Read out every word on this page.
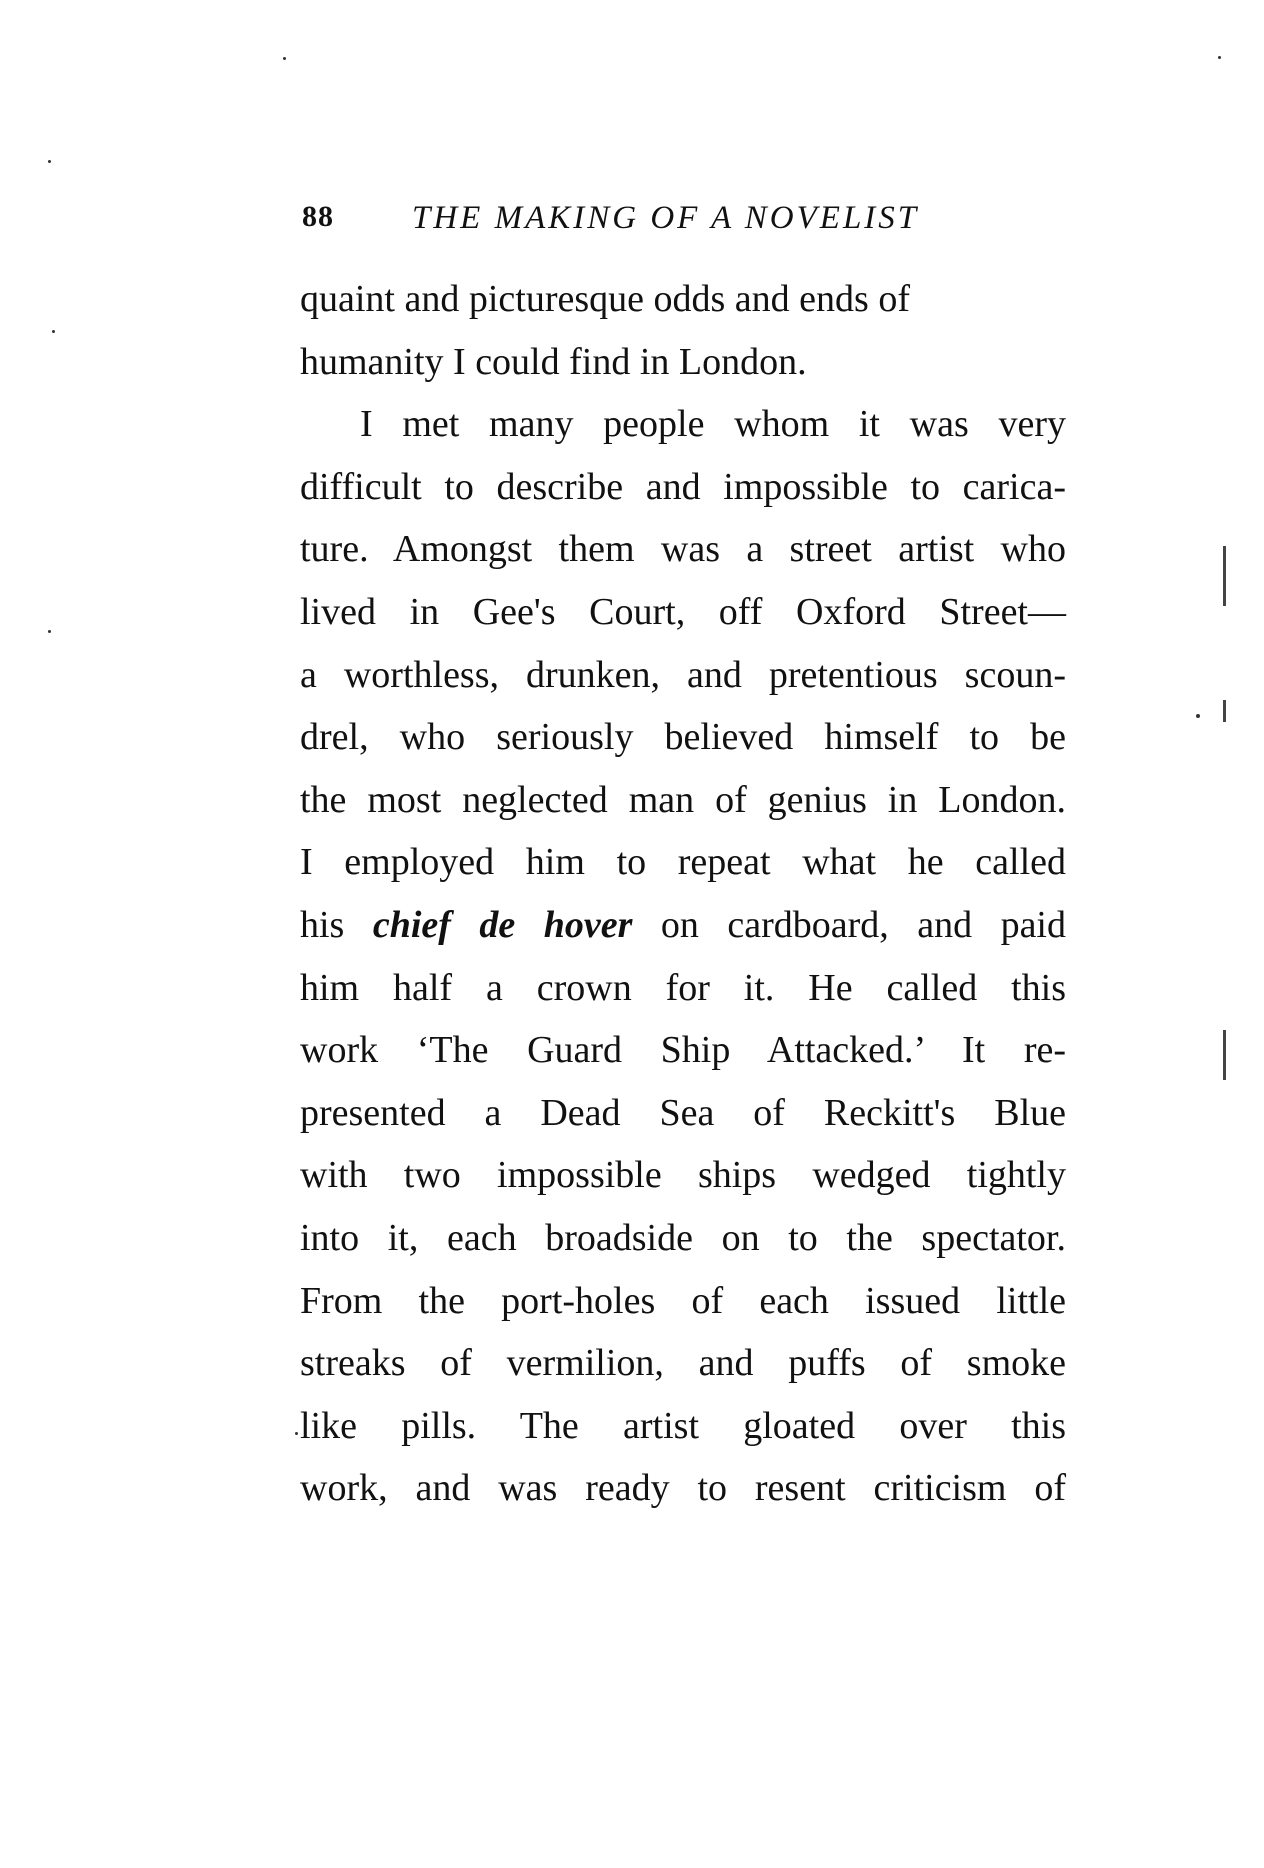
88 THE MAKING OF A NOVELIST
quaint and picturesque odds and ends of
humanity I could find in London.
I met many people whom it was very
difficult to describe and impossible to carica-
ture. Amongst them was a street artist who
lived in Gee's Court, off Oxford Street—
a worthless, drunken, and pretentious scoun-
drel, who seriously believed himself to be
the most neglected man of genius in London.
I employed him to repeat what he called
his chief de hover on cardboard, and paid
him half a crown for it. He called this
work ‘The Guard Ship Attacked.’ It re-
presented a Dead Sea of Reckitt's Blue
with two impossible ships wedged tightly
into it, each broadside on to the spectator.
From the port-holes of each issued little
streaks of vermilion, and puffs of smoke
like pills. The artist gloated over this
work, and was ready to resent criticism of
